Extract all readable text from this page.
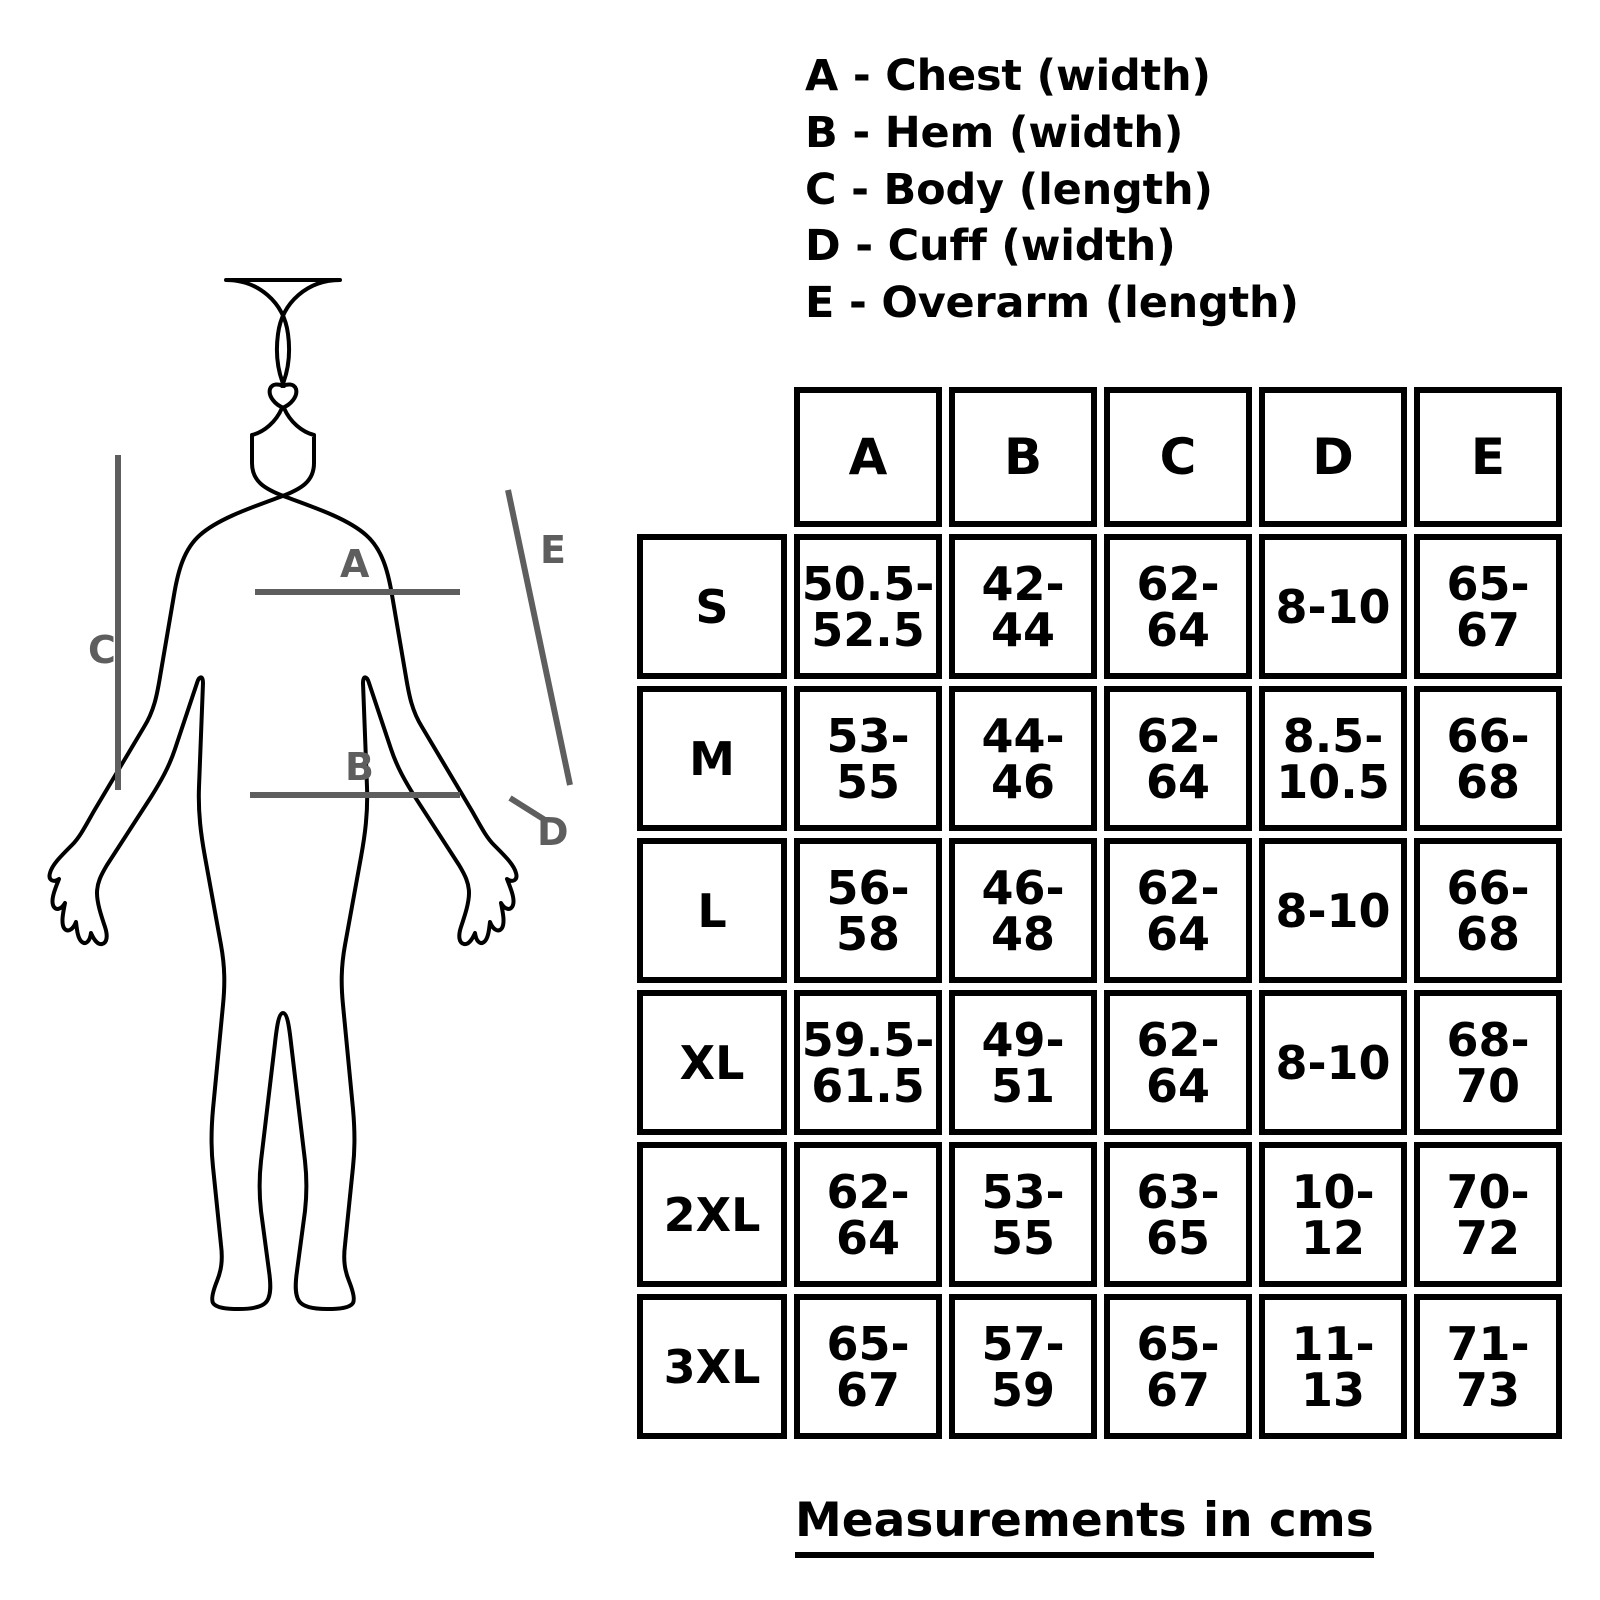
A - Chest (width)
B - Hem (width)
C - Body (length)
D - Cuff (width)
E - Overarm (length)
C
A
B
E
D
	A	B	C	D	E
S	50.5-52.5	42-44	62-64	8-10	65-67
M	53-55	44-46	62-64	8.5-10.5	66-68
L	56-58	46-48	62-64	8-10	66-68
XL	59.5-61.5	49-51	62-64	8-10	68-70
2XL	62-64	53-55	63-65	10-12	70-72
3XL	65-67	57-59	65-67	11-13	71-73
Measurements in cms
